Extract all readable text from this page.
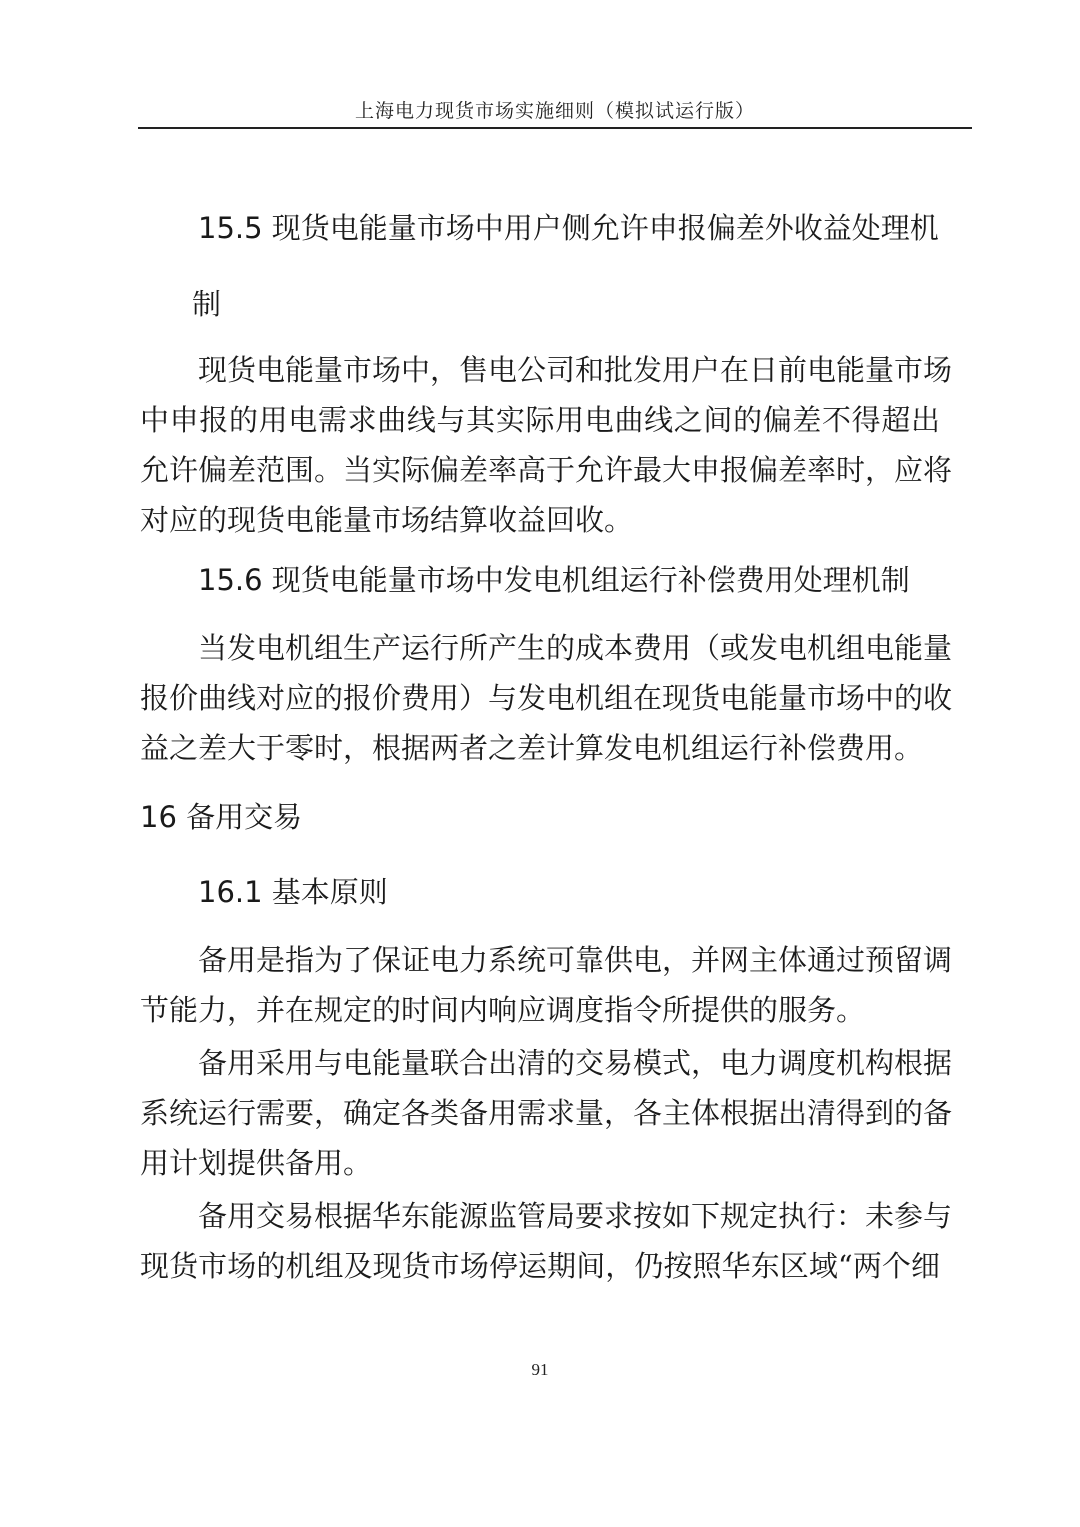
上海电力现货市场实施细则（模拟试运行版）
15.5 现货电能量市场中用户侧允许申报偏差外收益处理机
制
现货电能量市场中，售电公司和批发用户在日前电能量市场
中申报的用电需求曲线与其实际用电曲线之间的偏差不得超出
允许偏差范围。当实际偏差率高于允许最大申报偏差率时，应将
对应的现货电能量市场结算收益回收。
15.6 现货电能量市场中发电机组运行补偿费用处理机制
当发电机组生产运行所产生的成本费用（或发电机组电能量
报价曲线对应的报价费用）与发电机组在现货电能量市场中的收
益之差大于零时，根据两者之差计算发电机组运行补偿费用。
16 备用交易
16.1 基本原则
备用是指为了保证电力系统可靠供电，并网主体通过预留调
节能力，并在规定的时间内响应调度指令所提供的服务。
备用采用与电能量联合出清的交易模式，电力调度机构根据
系统运行需要，确定各类备用需求量，各主体根据出清得到的备
用计划提供备用。
备用交易根据华东能源监管局要求按如下规定执行：未参与
现货市场的机组及现货市场停运期间，仍按照华东区域“两个细
91
